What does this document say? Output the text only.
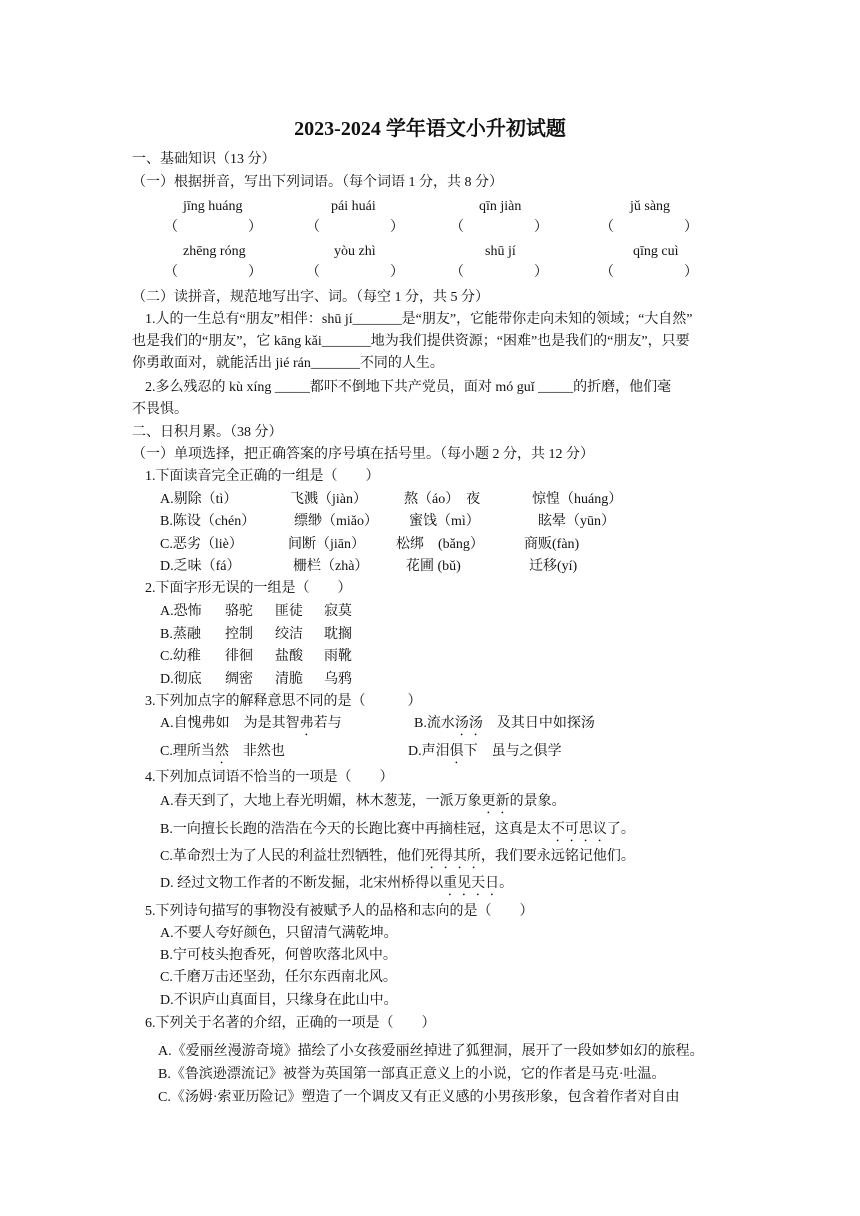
2023-2024 学年语文小升初试题
一、基础知识（13 分）
（一）根据拼音，写出下列词语。（每个词语 1 分，共 8 分）
jīng huáng	pái huái	qīn jiàn	jǔ sàng
（　　　　　）	（　　　　　）	（　　　　　）	（　　　　　）
zhēng róng	yòu zhì	shū jí	qīng cuì
（　　　　　）	（　　　　　）	（　　　　　）	（　　　　　）
（二）读拼音，规范地写出字、词。（每空 1 分，共 5 分）
1.人的一生总有“朋友”相伴：shū jí_______是“朋友”，它能带你走向未知的领域；“大自然”
也是我们的“朋友”，它 kāng kǎi_______地为我们提供资源；“困难”也是我们的“朋友”，只要
你勇敢面对，就能活出 jié rán_______不同的人生。
2.多么残忍的 kù xíng _____都吓不倒地下共产党员，面对 mó guǐ _____的折磨，他们毫
不畏惧。
二、日积月累。（38 分）
（一）单项选择，把正确答案的序号填在括号里。（每小题 2 分，共 12 分）
1.下面读音完全正确的一组是（　　）
A.剔除（tì）	飞溅（jiàn）	熬（áo）　夜	惊惶（huáng）
B.陈设（chén）	缥缈（miǎo） 蜜饯（mì）	眩晕（yūn）
C.恶劣（liè）	间断（jiān） 松绑　(bǎng）	商贩(fàn)
D.乏味（fá）	栅栏（zhà）	花圃 (bǔ)	迁移(yí)
2.下面字形无误的一组是（　　）
A.恐怖 骆驼 匪徒 寂莫
B.蒸融 控制 绞洁 耽搁
C.幼稚 徘徊 盐酸 雨靴
D.彻底 绸密 清脆 乌鸦
3.下列加点字的解释意思不同的是（　　　）
A.自愧弗如　为是其智弗若与	B.流水汤汤　及其日中如探汤
C.理所当然　非然也	D.声泪俱下　虽与之俱学
4.下列加点词语不恰当的一项是（　　）
A.春天到了，大地上春光明媚，林木葱茏，一派万象更新的景象。
B.一向擅长长跑的浩浩在今天的长跑比赛中再摘桂冠，这真是太不可思议了。
C.革命烈士为了人民的利益壮烈牺牲，他们死得其所，我们要永远铭记他们。
D. 经过文物工作者的不断发掘，北宋州桥得以重见天日。
5.下列诗句描写的事物没有被赋予人的品格和志向的是（　　）
A.不要人夸好颜色，只留清气满乾坤。
B.宁可枝头抱香死，何曾吹落北风中。
C.千磨万击还坚劲，任尔东西南北风。
D.不识庐山真面目，只缘身在此山中。
6.下列关于名著的介绍，正确的一项是（　　）
A.《爱丽丝漫游奇境》描绘了小女孩爱丽丝掉进了狐狸洞，展开了一段如梦如幻的旅程。
B.《鲁滨逊漂流记》被誉为英国第一部真正意义上的小说，它的作者是马克·吐温。
C.《汤姆·索亚历险记》塑造了一个调皮又有正义感的小男孩形象，包含着作者对自由
